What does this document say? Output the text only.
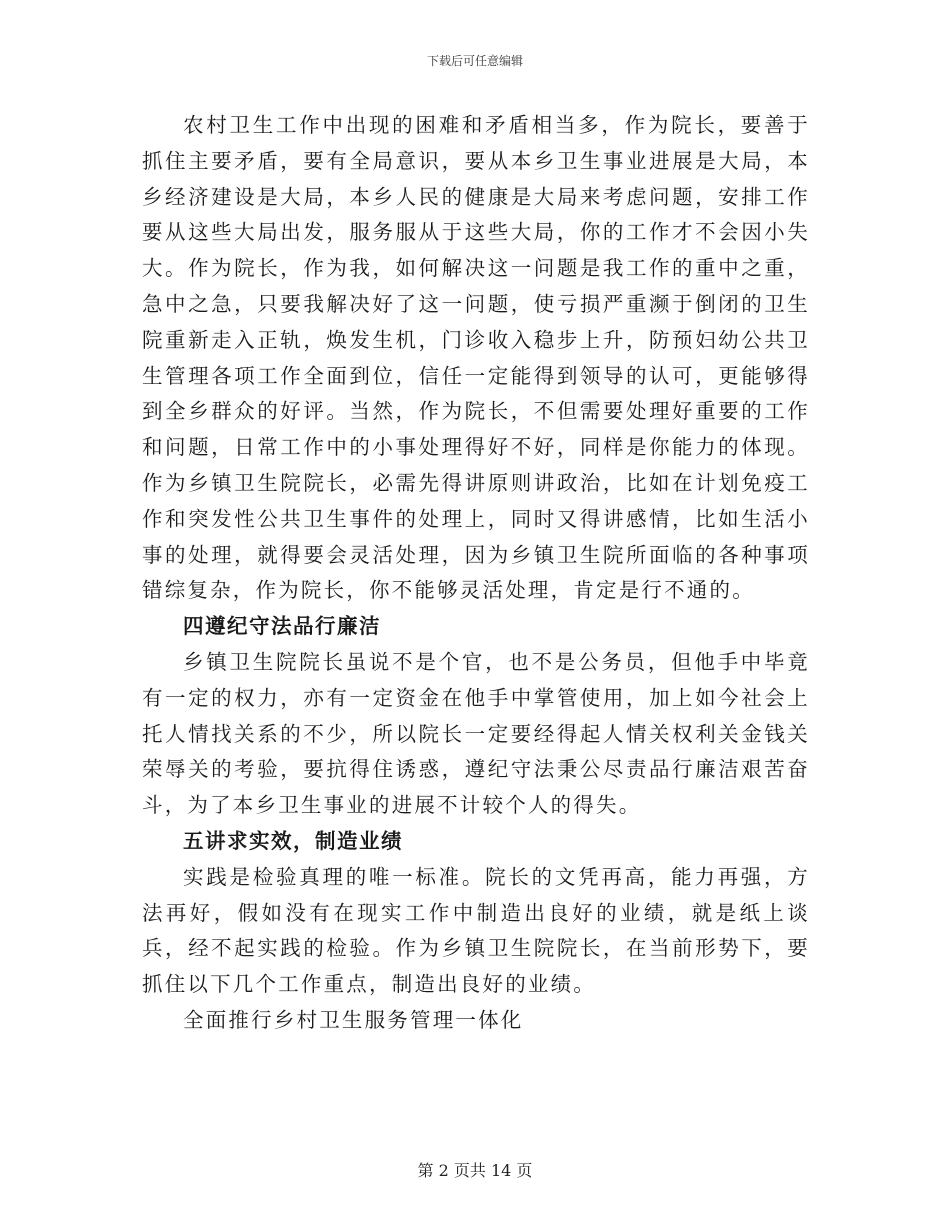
下载后可任意编辑

农村卫生工作中出现的困难和矛盾相当多，作为院长，要善于抓住主要矛盾，要有全局意识，要从本乡卫生事业进展是大局，本乡经济建设是大局，本乡人民的健康是大局来考虑问题，安排工作要从这些大局出发，服务服从于这些大局，你的工作才不会因小失大。作为院长，作为我，如何解决这一问题是我工作的重中之重，急中之急，只要我解决好了这一问题，使亏损严重濒于倒闭的卫生院重新走入正轨，焕发生机，门诊收入稳步上升，防预妇幼公共卫生管理各项工作全面到位，信任一定能得到领导的认可，更能够得到全乡群众的好评。当然，作为院长，不但需要处理好重要的工作和问题，日常工作中的小事处理得好不好，同样是你能力的体现。作为乡镇卫生院院长，必需先得讲原则讲政治，比如在计划免疫工作和突发性公共卫生事件的处理上，同时又得讲感情，比如生活小事的处理，就得要会灵活处理，因为乡镇卫生院所面临的各种事项错综复杂，作为院长，你不能够灵活处理，肯定是行不通的。

四遵纪守法品行廉洁

乡镇卫生院院长虽说不是个官，也不是公务员，但他手中毕竟有一定的权力，亦有一定资金在他手中掌管使用，加上如今社会上托人情找关系的不少，所以院长一定要经得起人情关权利关金钱关荣辱关的考验，要抗得住诱惑，遵纪守法秉公尽责品行廉洁艰苦奋斗，为了本乡卫生事业的进展不计较个人的得失。

五讲求实效，制造业绩

实践是检验真理的唯一标准。院长的文凭再高，能力再强，方法再好，假如没有在现实工作中制造出良好的业绩，就是纸上谈兵，经不起实践的检验。作为乡镇卫生院院长，在当前形势下，要抓住以下几个工作重点，制造出良好的业绩。

全面推行乡村卫生服务管理一体化

第 2 页共 14 页
